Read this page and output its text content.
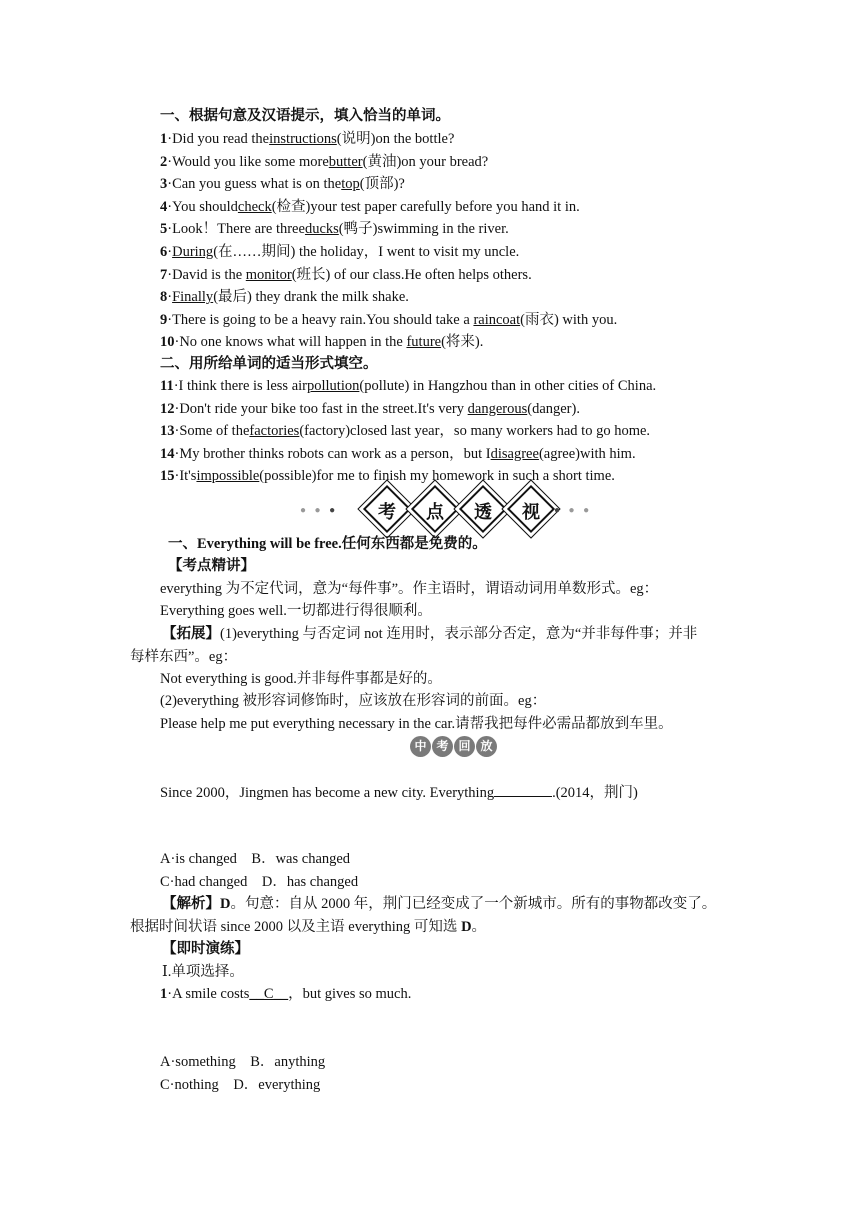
一、根据句意及汉语提示，填入恰当的单词。
1·Did you read theinstructions(说明)on the bottle?
2·Would you like some morebutter(黄油)on your bread?
3·Can you guess what is on thetop(顶部)?
4·You shouldcheck(检查)your test paper carefully before you hand it in.
5·Look！There are threeducks(鸭子)swimming in the river.
6·During(在……期间) the holiday，I went to visit my uncle.
7·David is the monitor(班长) of our class.He often helps others.
8·Finally(最后) they drank the milk shake.
9·There is going to be a heavy rain.You should take a raincoat(雨衣) with you.
10·No one knows what will happen in the future(将来).
二、用所给单词的适当形式填空。
11·I think there is less airpollution(pollute) in Hangzhou than in other cities of China.
12·Don't ride your bike too fast in the street.It's very dangerous(danger).
13·Some of thefactories(factory)closed last year，so many workers had to go home.
14·My brother thinks robots can work as a person，but Idisagree(agree)with him.
15·It'simpossible(possible)for me to finish my homework in such a short time.
● ● ●	考	点	透	视	● ● ●
一、Everything will be free.任何东西都是免费的。
【考点精讲】
everything 为不定代词，意为“每件事”。作主语时，谓语动词用单数形式。eg：
Everything goes well.一切都进行得很顺利。
【拓展】(1)everything 与否定词 not 连用时，表示部分否定，意为“并非每件事；并非
每样东西”。eg：
Not everything is good.并非每件事都是好的。
(2)everything 被形容词修饰时，应该放在形容词的前面。eg：
Please help me put everything necessary in the car.请帮我把每件必需品都放到车里。
中 考 回 放
Since 2000，Jingmen has become a new city. Everything	.(2014，荆门)
A·is changed B．was changed
C·had changed D．has changed
【解析】D。句意：自从 2000 年，荆门已经变成了一个新城市。所有的事物都改变了。
根据时间状语 since 2000 以及主语 everything 可知选 D。
【即时演练】
Ⅰ.单项选择。
1·A smile costs__C__，but gives so much.
A·something B．anything
C·nothing D．everything
